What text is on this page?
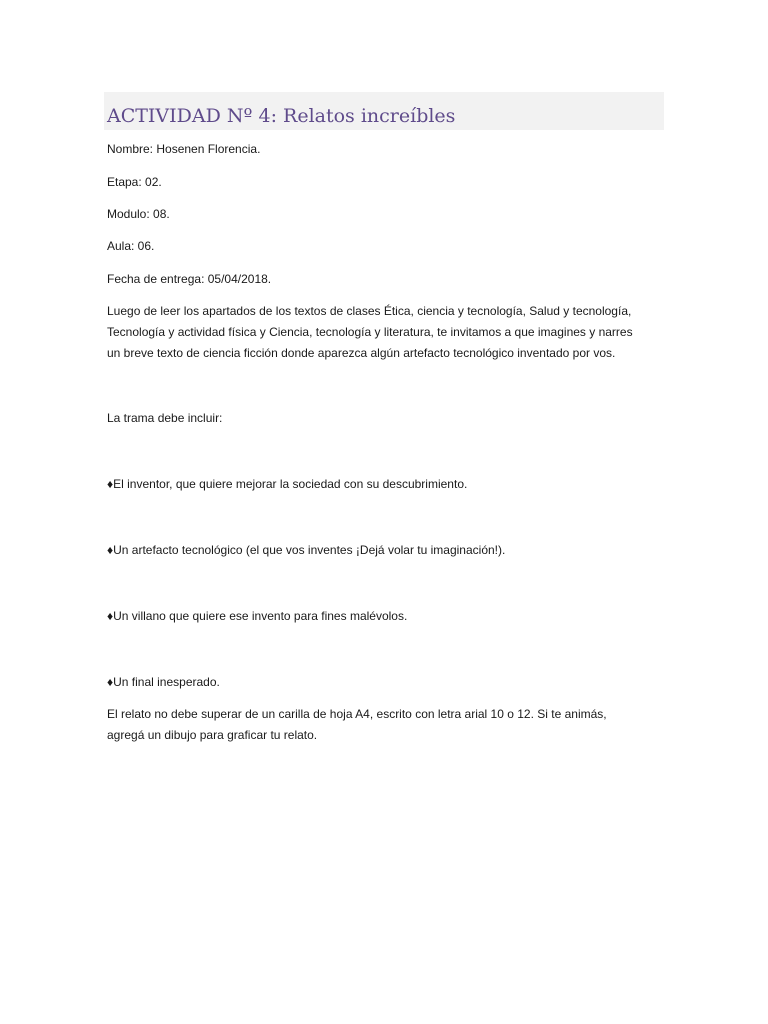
ACTIVIDAD Nº 4: Relatos increíbles

Nombre: Hosenen Florencia.

Etapa: 02.

Modulo: 08.

Aula: 06.

Fecha de entrega: 05/04/2018.

Luego de leer los apartados de los textos de clases Ética, ciencia y tecnología, Salud y tecnología,
Tecnología y actividad física y Ciencia, tecnología y literatura, te invitamos a que imagines y narres
un breve texto de ciencia ficción donde aparezca algún artefacto tecnológico inventado por vos.

La trama debe incluir:

♦El inventor, que quiere mejorar la sociedad con su descubrimiento.

♦Un artefacto tecnológico (el que vos inventes ¡Dejá volar tu imaginación!).

♦Un villano que quiere ese invento para fines malévolos.

♦Un final inesperado.

El relato no debe superar de un carilla de hoja A4, escrito con letra arial 10 o 12. Si te animás,
agregá un dibujo para graficar tu relato.
